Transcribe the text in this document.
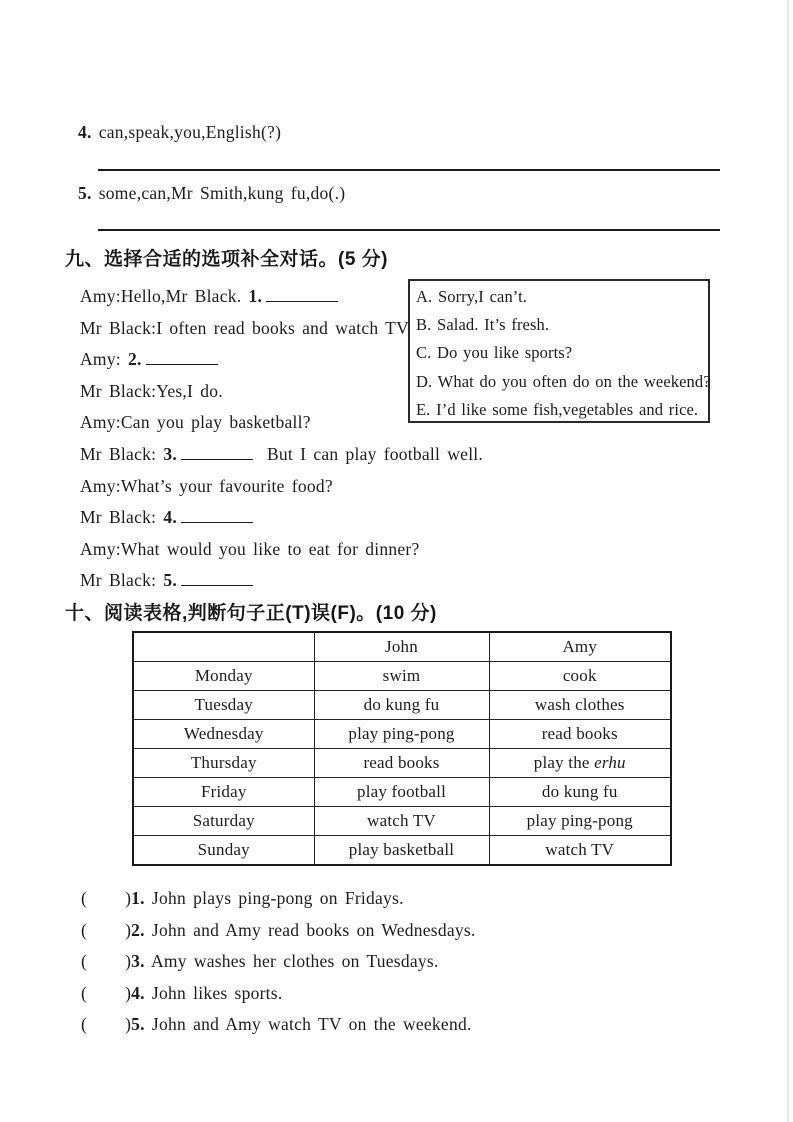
4. can,speak,you,English(?)
5. some,can,Mr Smith,kung fu,do(.)
九、选择合适的选项补全对话。(5 分)
Amy:Hello,Mr Black. 1.
Mr Black:I often read books and watch TV.
Amy: 2.
Mr Black:Yes,I do.
Amy:Can you play basketball?
Mr Black: 3.	But I can play football well.
Amy:What’s your favourite food?
Mr Black: 4.
Amy:What would you like to eat for dinner?
Mr Black: 5.
A. Sorry,I can’t.
B. Salad. It’s fresh.
C. Do you like sports?
D. What do you often do on the weekend?
E. I’d like some fish,vegetables and rice.
十、阅读表格,判断句子正(T)误(F)。(10 分)
	John	Amy
Monday	swim	cook
Tuesday	do kung fu	wash clothes
Wednesday	play ping-pong	read books
Thursday	read books	play the erhu
Friday	play football	do kung fu
Saturday	watch TV	play ping-pong
Sunday	play basketball	watch TV
( )1. John plays ping-pong on Fridays.
( )2. John and Amy read books on Wednesdays.
( )3. Amy washes her clothes on Tuesdays.
( )4. John likes sports.
( )5. John and Amy watch TV on the weekend.
